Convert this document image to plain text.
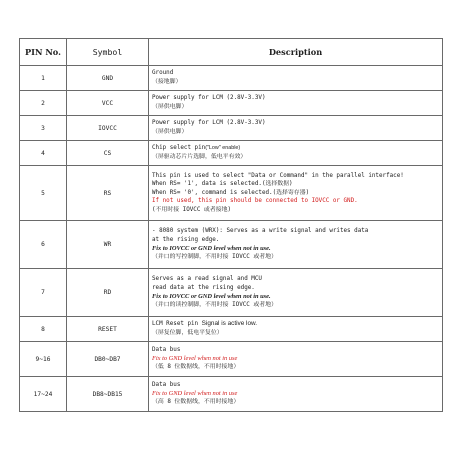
PIN No.	Symbol	Description
1	GND	Ground
（接地脚）

2	VCC	Power supply for LCM (2.8V-3.3V)
（屏供电脚）

3	IOVCC	Power supply for LCM (2.8V-3.3V)
（屏供电脚）

4	CS	Chip select pin("Low" enable)
（屏驱动芯片片选脚，低电平有效）

5	RS	This pin is used to select "Data or Command" in the parallel interface!
When RS= '1', data is selected.(选择数据)
When RS= '0', command is selected.(选择寄存器)
If not used, this pin should be connected to IOVCC or GND.
(不用时接 IOVCC 或者接地)

6	WR	- 8080 system (WRX): Serves as a write signal and writes data
at the rising edge.
Fix to IOVCC or GND level when not in use.
（并口的写控制脚，不用时接 IOVCC 或者地）

7	RD	Serves as a read signal and MCU
read data at the rising edge.
Fix to IOVCC or GND level when not in use.
（并口的读控制脚，不用时接 IOVCC 或者地）

8	RESET	LCM Reset pin Signal is active low.
（屏复位脚，低电平复位）

9~16	DB0~DB7	Data bus
Fix to GND level when not in use
（低 8 位数据线，不用时接地）

17~24	DB8~DB15	Data bus
Fix to GND level when not in use
（高 8 位数据线，不用时接地）
